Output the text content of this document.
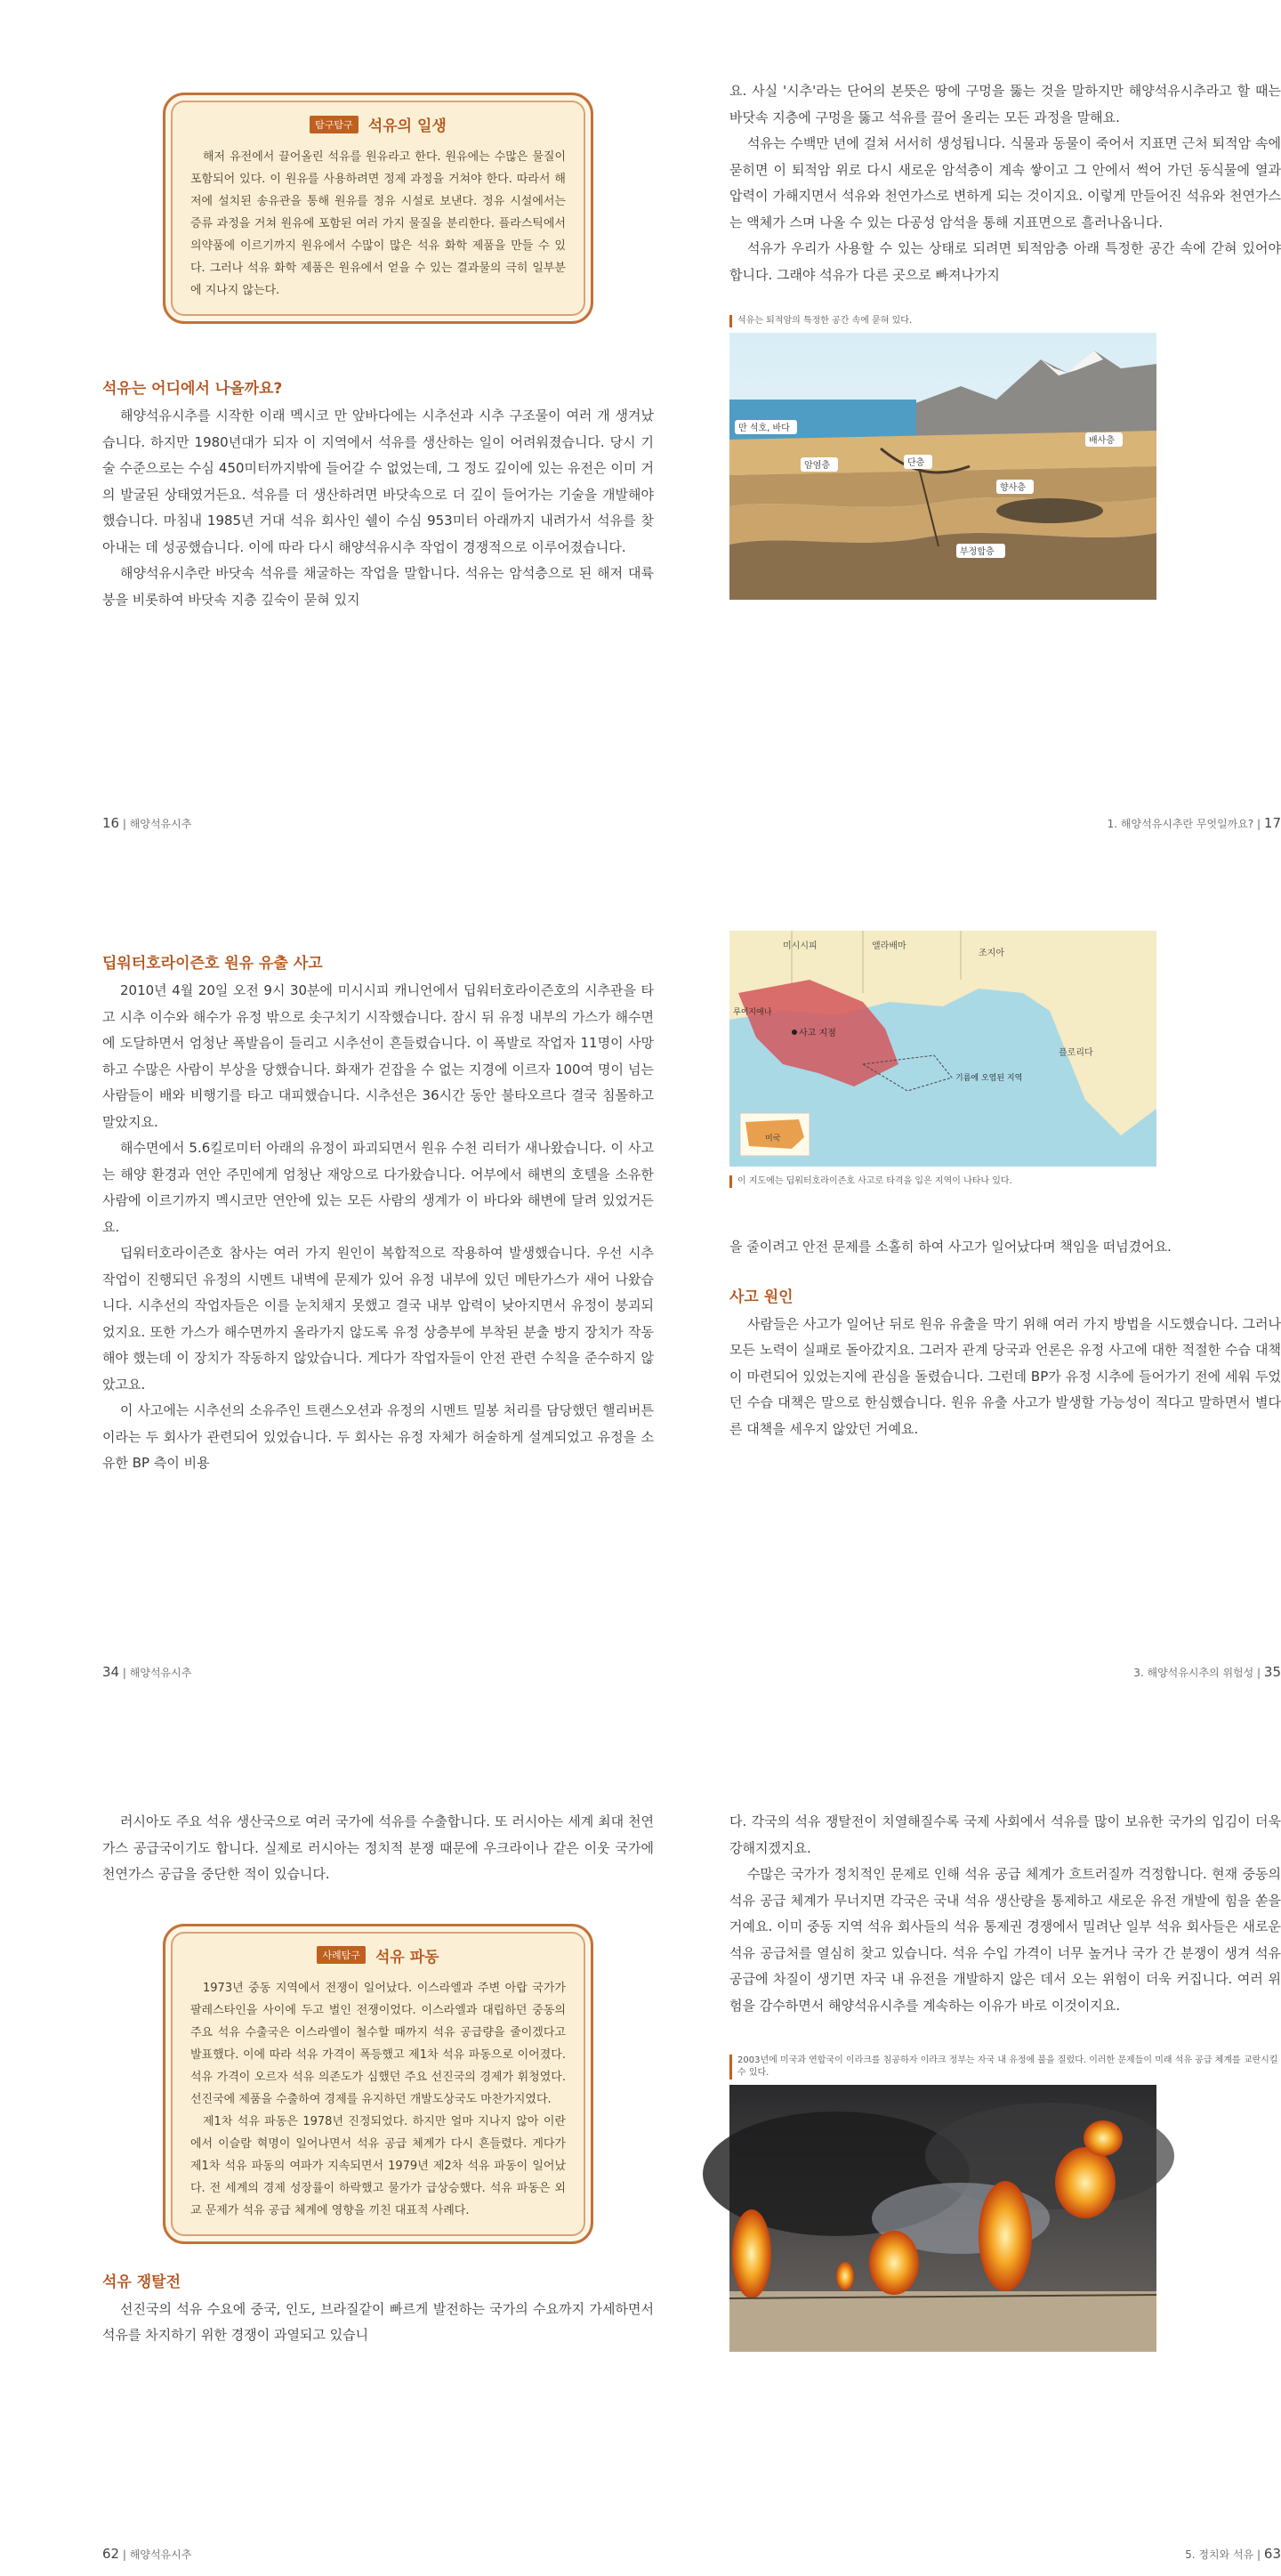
탐구탐구 석유의 일생

해저 유전에서 끌어올린 석유를 원유라고 한다. 원유에는 수많은 물질이 포함되어 있다. 이 원유를 사용하려면 정제 과정을 거쳐야 한다. 따라서 해저에 설치된 송유관을 통해 원유를 정유 시설로 보낸다. 정유 시설에서는 증류 과정을 거쳐 원유에 포함된 여러 가지 물질을 분리한다. 플라스틱에서 의약품에 이르기까지 원유에서 수많이 많은 석유 화학 제품을 만들 수 있다. 그러나 석유 화학 제품은 원유에서 얻을 수 있는 결과물의 극히 일부분에 지나지 않는다.

석유는 어디에서 나올까요?

해양석유시추를 시작한 이래 멕시코 만 앞바다에는 시추선과 시추 구조물이 여러 개 생겨났습니다. 하지만 1980년대가 되자 이 지역에서 석유를 생산하는 일이 어려워졌습니다. 당시 기술 수준으로는 수심 450미터까지밖에 들어갈 수 없었는데, 그 정도 깊이에 있는 유전은 이미 거의 발굴된 상태였거든요. 석유를 더 생산하려면 바닷속으로 더 깊이 들어가는 기술을 개발해야 했습니다. 마침내 1985년 거대 석유 회사인 쉘이 수심 953미터 아래까지 내려가서 석유를 찾아내는 데 성공했습니다. 이에 따라 다시 해양석유시추 작업이 경쟁적으로 이루어졌습니다.

해양석유시추란 바닷속 석유를 채굴하는 작업을 말합니다. 석유는 암석층으로 된 해저 대륙붕을 비롯하여 바닷속 지층 깊숙이 묻혀 있지

16 | 해양석유시추

요. 사실 '시추'라는 단어의 본뜻은 땅에 구멍을 뚫는 것을 말하지만 해양석유시추라고 할 때는 바닷속 지층에 구멍을 뚫고 석유를 끌어 올리는 모든 과정을 말해요.

석유는 수백만 년에 걸쳐 서서히 생성됩니다. 식물과 동물이 죽어서 지표면 근처 퇴적암 속에 묻히면 이 퇴적암 위로 다시 새로운 암석층이 계속 쌓이고 그 안에서 썩어 가던 동식물에 열과 압력이 가해지면서 석유와 천연가스로 변하게 되는 것이지요. 이렇게 만들어진 석유와 천연가스는 액체가 스며 나올 수 있는 다공성 암석을 통해 지표면으로 흘러나옵니다.

석유가 우리가 사용할 수 있는 상태로 되려면 퇴적암층 아래 특정한 공간 속에 갇혀 있어야 합니다. 그래야 석유가 다른 곳으로 빠져나가지

석유는 퇴적암의 특정한 공간 속에 묻혀 있다.
만 석호, 바다
암염층	단층
배사층
향사층
부정합층
1. 해양석유시추란 무엇일까요? | 17
딥워터호라이즌호 원유 유출 사고

2010년 4월 20일 오전 9시 30분에 미시시피 캐니언에서 딥워터호라이즌호의 시추관을 타고 시추 이수와 해수가 유정 밖으로 솟구치기 시작했습니다. 잠시 뒤 유정 내부의 가스가 해수면에 도달하면서 엄청난 폭발음이 들리고 시추선이 흔들렸습니다. 이 폭발로 작업자 11명이 사망하고 수많은 사람이 부상을 당했습니다. 화재가 걷잡을 수 없는 지경에 이르자 100여 명이 넘는 사람들이 배와 비행기를 타고 대피했습니다. 시추선은 36시간 동안 불타오르다 결국 침몰하고 말았지요.

해수면에서 5.6킬로미터 아래의 유정이 파괴되면서 원유 수천 리터가 새나왔습니다. 이 사고는 해양 환경과 연안 주민에게 엄청난 재앙으로 다가왔습니다. 어부에서 해변의 호텔을 소유한 사람에 이르기까지 멕시코만 연안에 있는 모든 사람의 생계가 이 바다와 해변에 달려 있었거든요.

딥워터호라이즌호 참사는 여러 가지 원인이 복합적으로 작용하여 발생했습니다. 우선 시추 작업이 진행되던 유정의 시멘트 내벽에 문제가 있어 유정 내부에 있던 메탄가스가 새어 나왔습니다. 시추선의 작업자들은 이를 눈치채지 못했고 결국 내부 압력이 낮아지면서 유정이 붕괴되었지요. 또한 가스가 해수면까지 올라가지 않도록 유정 상층부에 부착된 분출 방지 장치가 작동해야 했는데 이 장치가 작동하지 않았습니다. 게다가 작업자들이 안전 관련 수칙을 준수하지 않았고요.

이 사고에는 시추선의 소유주인 트랜스오션과 유정의 시멘트 밀봉 처리를 담당했던 핼리버튼이라는 두 회사가 관련되어 있었습니다. 두 회사는 유정 자체가 허술하게 설계되었고 유정을 소유한 BP 측이 비용

34 | 해양석유시추
미시시피	앨라배마
조지아
루이지애나
사고 지점
기름에 오염된 지역
플로리다
미국
이 지도에는 딥워터호라이즌호 사고로 타격을 입은 지역이 나타나 있다.

을 줄이려고 안전 문제를 소홀히 하여 사고가 일어났다며 책임을 떠넘겼어요.

사고 원인

사람들은 사고가 일어난 뒤로 원유 유출을 막기 위해 여러 가지 방법을 시도했습니다. 그러나 모든 노력이 실패로 돌아갔지요. 그러자 관계 당국과 언론은 유정 사고에 대한 적절한 수습 대책이 마련되어 있었는지에 관심을 돌렸습니다. 그런데 BP가 유정 시추에 들어가기 전에 세워 두었던 수습 대책은 말으로 한심했습니다. 원유 유출 사고가 발생할 가능성이 적다고 말하면서 별다른 대책을 세우지 않았던 거예요.

3. 해양석유시추의 위험성 | 35

러시아도 주요 석유 생산국으로 여러 국가에 석유를 수출합니다. 또 러시아는 세계 최대 천연가스 공급국이기도 합니다. 실제로 러시아는 정치적 분쟁 때문에 우크라이나 같은 이웃 국가에 천연가스 공급을 중단한 적이 있습니다.

사례탐구 석유 파동

1973년 중동 지역에서 전쟁이 일어났다. 이스라엘과 주변 아랍 국가가 팔레스타인을 사이에 두고 벌인 전쟁이었다. 이스라엘과 대립하던 중동의 주요 석유 수출국은 이스라엘이 철수할 때까지 석유 공급량을 줄이겠다고 발표했다. 이에 따라 석유 가격이 폭등했고 제1차 석유 파동으로 이어졌다. 석유 가격이 오르자 석유 의존도가 심했던 주요 선진국의 경제가 휘청였다. 선진국에 제품을 수출하여 경제를 유지하던 개발도상국도 마찬가지였다.

제1차 석유 파동은 1978년 진정되었다. 하지만 얼마 지나지 않아 이란에서 이슬람 혁명이 일어나면서 석유 공급 체계가 다시 흔들렸다. 게다가 제1차 석유 파동의 여파가 지속되면서 1979년 제2차 석유 파동이 일어났다. 전 세계의 경제 성장률이 하락했고 물가가 급상승했다. 석유 파동은 외교 문제가 석유 공급 체계에 영향을 끼친 대표적 사례다.

석유 쟁탈전

선진국의 석유 수요에 중국, 인도, 브라질같이 빠르게 발전하는 국가의 수요까지 가세하면서 석유를 차지하기 위한 경쟁이 과열되고 있습니

62 | 해양석유시추

다. 각국의 석유 쟁탈전이 치열해질수록 국제 사회에서 석유를 많이 보유한 국가의 입김이 더욱 강해지겠지요.

수많은 국가가 정치적인 문제로 인해 석유 공급 체계가 흐트러질까 걱정합니다. 현재 중동의 석유 공급 체계가 무너지면 각국은 국내 석유 생산량을 통제하고 새로운 유전 개발에 힘을 쏟을 거예요. 이미 중동 지역 석유 회사들의 석유 통제권 경쟁에서 밀려난 일부 석유 회사들은 새로운 석유 공급처를 열심히 찾고 있습니다. 석유 수입 가격이 너무 높거나 국가 간 분쟁이 생겨 석유 공급에 차질이 생기면 자국 내 유전을 개발하지 않은 데서 오는 위험이 더욱 커집니다. 여러 위험을 감수하면서 해양석유시추를 계속하는 이유가 바로 이것이지요.

2003년에 미국과 연합국이 이라크를 침공하자 이라크 정부는 자국 내 유정에 불을 질렀다. 이러한 문제들이 미래 석유 공급 체계를 교란시킬 수 있다.
5. 정치와 석유 | 63
